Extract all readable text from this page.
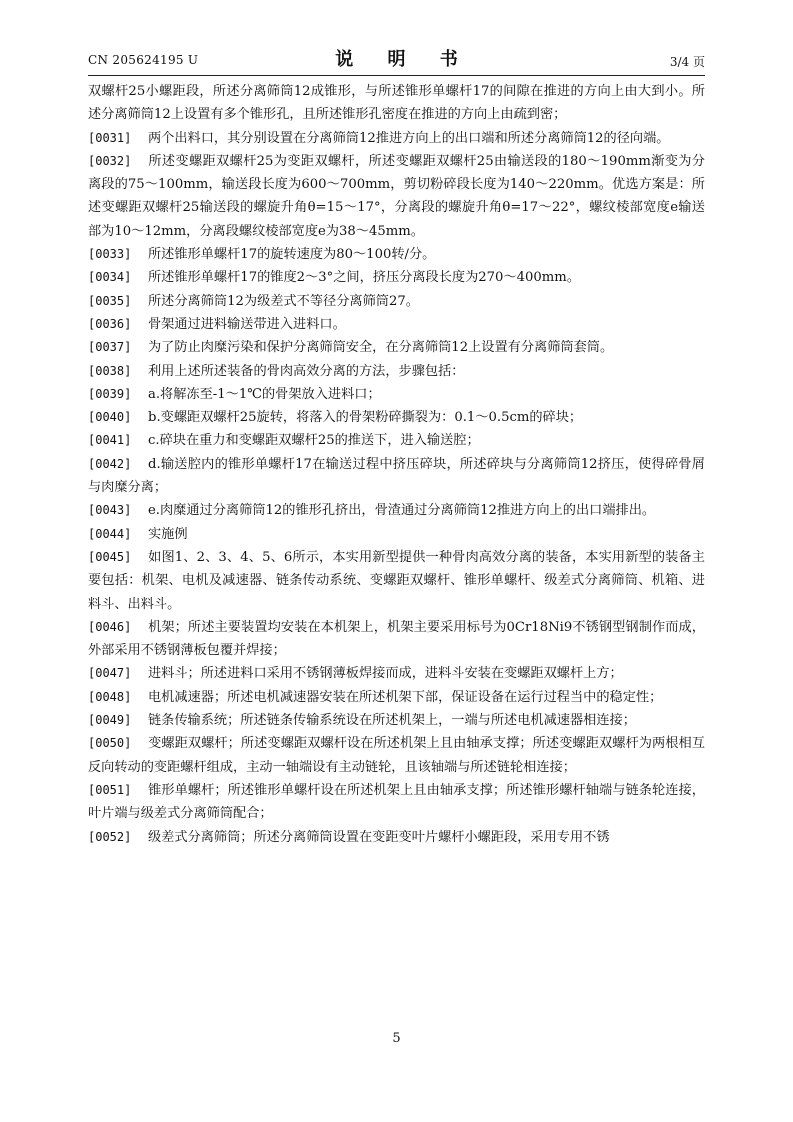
CN 205624195 U	说 明 书	3/4 页

双螺杆25小螺距段，所述分离筛筒12成锥形，与所述锥形单螺杆17的间隙在推进的方向上由大到小。所述分离筛筒12上设置有多个锥形孔，且所述锥形孔密度在推进的方向上由疏到密；

[0031] 两个出料口，其分别设置在分离筛筒12推进方向上的出口端和所述分离筛筒12的径向端。

[0032] 所述变螺距双螺杆25为变距双螺杆，所述变螺距双螺杆25由输送段的180～190mm渐变为分离段的75～100mm，输送段长度为600～700mm，剪切粉碎段长度为140～220mm。优选方案是：所述变螺距双螺杆25输送段的螺旋升角θ=15～17°，分离段的螺旋升角θ=17～22°，螺纹棱部宽度e输送部为10～12mm，分离段螺纹棱部宽度e为38～45mm。

[0033] 所述锥形单螺杆17的旋转速度为80～100转/分。

[0034] 所述锥形单螺杆17的锥度2～3°之间，挤压分离段长度为270～400mm。

[0035] 所述分离筛筒12为级差式不等径分离筛筒27。

[0036] 骨架通过进料输送带进入进料口。

[0037] 为了防止肉糜污染和保护分离筛筒安全，在分离筛筒12上设置有分离筛筒套筒。

[0038] 利用上述所述装备的骨肉高效分离的方法，步骤包括：

[0039] a.将解冻至-1～1℃的骨架放入进料口；

[0040] b.变螺距双螺杆25旋转，将落入的骨架粉碎撕裂为：0.1～0.5cm的碎块；

[0041] c.碎块在重力和变螺距双螺杆25的推送下，进入输送腔；

[0042] d.输送腔内的锥形单螺杆17在输送过程中挤压碎块，所述碎块与分离筛筒12挤压，使得碎骨屑与肉糜分离；

[0043] e.肉糜通过分离筛筒12的锥形孔挤出，骨渣通过分离筛筒12推进方向上的出口端排出。

[0044] 实施例

[0045] 如图1、2、3、4、5、6所示，本实用新型提供一种骨肉高效分离的装备，本实用新型的装备主要包括：机架、电机及减速器、链条传动系统、变螺距双螺杆、锥形单螺杆、级差式分离筛筒、机箱、进料斗、出料斗。

[0046] 机架；所述主要装置均安装在本机架上，机架主要采用标号为0Cr18Ni9不锈钢型钢制作而成，外部采用不锈钢薄板包覆并焊接；

[0047] 进料斗；所述进料口采用不锈钢薄板焊接而成，进料斗安装在变螺距双螺杆上方；

[0048] 电机减速器；所述电机减速器安装在所述机架下部，保证设备在运行过程当中的稳定性；

[0049] 链条传输系统；所述链条传输系统设在所述机架上，一端与所述电机减速器相连接；

[0050] 变螺距双螺杆；所述变螺距双螺杆设在所述机架上且由轴承支撑；所述变螺距双螺杆为两根相互反向转动的变距螺杆组成，主动一轴端设有主动链轮，且该轴端与所述链轮相连接；

[0051] 锥形单螺杆；所述锥形单螺杆设在所述机架上且由轴承支撑；所述锥形螺杆轴端与链条轮连接，叶片端与级差式分离筛筒配合；

[0052] 级差式分离筛筒；所述分离筛筒设置在变距变叶片螺杆小螺距段，采用专用不锈

5
